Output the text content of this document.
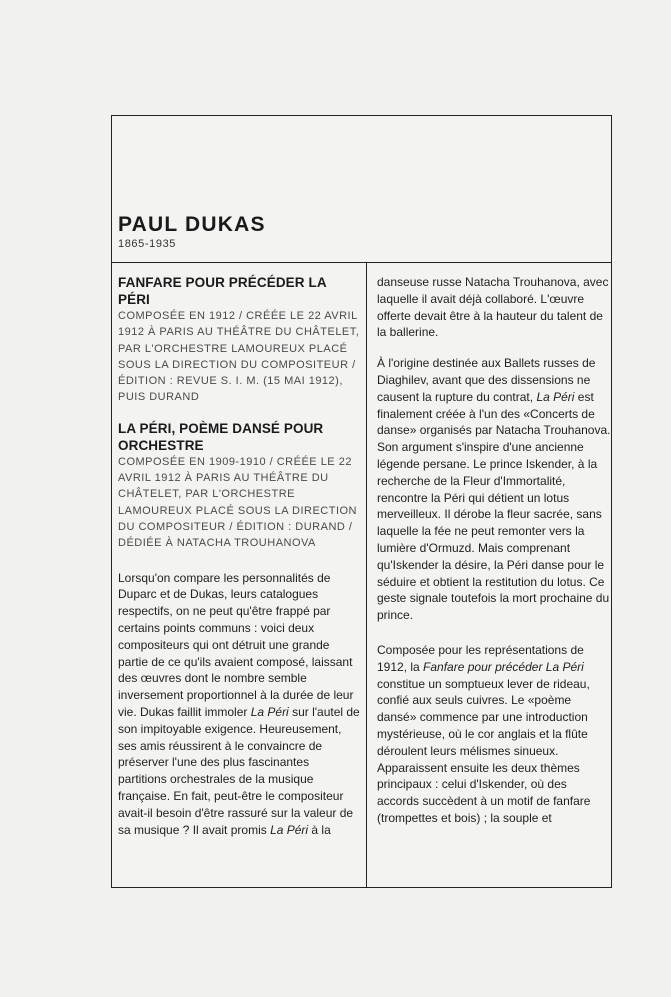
PAUL DUKAS

1865-1935

FANFARE POUR PRÉCÉDER LA PÉRI

COMPOSÉE EN 1912 / CRÉÉE LE 22 AVRIL 1912 À PARIS AU THÉÂTRE DU CHÂTELET, PAR L'ORCHESTRE LAMOUREUX PLACÉ SOUS LA DIRECTION DU COMPOSITEUR / ÉDITION : REVUE S. I. M. (15 MAI 1912), PUIS DURAND

LA PÉRI, POÈME DANSÉ POUR ORCHESTRE

COMPOSÉE EN 1909-1910 / CRÉÉE LE 22 AVRIL 1912 À PARIS AU THÉÂTRE DU CHÂTELET, PAR L'ORCHESTRE LAMOUREUX PLACÉ SOUS LA DIRECTION DU COMPOSITEUR / ÉDITION : DURAND / DÉDIÉE À NATACHA TROUHANOVA

Lorsqu'on compare les personnalités de Duparc et de Dukas, leurs catalogues respectifs, on ne peut qu'être frappé par certains points communs : voici deux compositeurs qui ont détruit une grande partie de ce qu'ils avaient composé, laissant des œuvres dont le nombre semble inversement proportionnel à la durée de leur vie. Dukas faillit immoler La Péri sur l'autel de son impitoyable exigence. Heureusement, ses amis réussirent à le convaincre de préserver l'une des plus fascinantes partitions orchestrales de la musique française. En fait, peut-être le compositeur avait-il besoin d'être rassuré sur la valeur de sa musique ? Il avait promis La Péri à la

danseuse russe Natacha Trouhanova, avec laquelle il avait déjà collaboré. L'œuvre offerte devait être à la hauteur du talent de la ballerine.

À l'origine destinée aux Ballets russes de Diaghilev, avant que des dissensions ne causent la rupture du contrat, La Péri est finalement créée à l'un des «Concerts de danse» organisés par Natacha Trouhanova. Son argument s'inspire d'une ancienne légende persane. Le prince Iskender, à la recherche de la Fleur d'Immortalité, rencontre la Péri qui détient un lotus merveilleux. Il dérobe la fleur sacrée, sans laquelle la fée ne peut remonter vers la lumière d'Ormuzd. Mais comprenant qu'Iskender la désire, la Péri danse pour le séduire et obtient la restitution du lotus. Ce geste signale toutefois la mort prochaine du prince.

Composée pour les représentations de 1912, la Fanfare pour précéder La Péri constitue un somptueux lever de rideau, confié aux seuls cuivres. Le «poème dansé» commence par une introduction mystérieuse, où le cor anglais et la flûte déroulent leurs mélismes sinueux. Apparaissent ensuite les deux thèmes principaux : celui d'Iskender, où des accords succèdent à un motif de fanfare (trompettes et bois) ; la souple et
